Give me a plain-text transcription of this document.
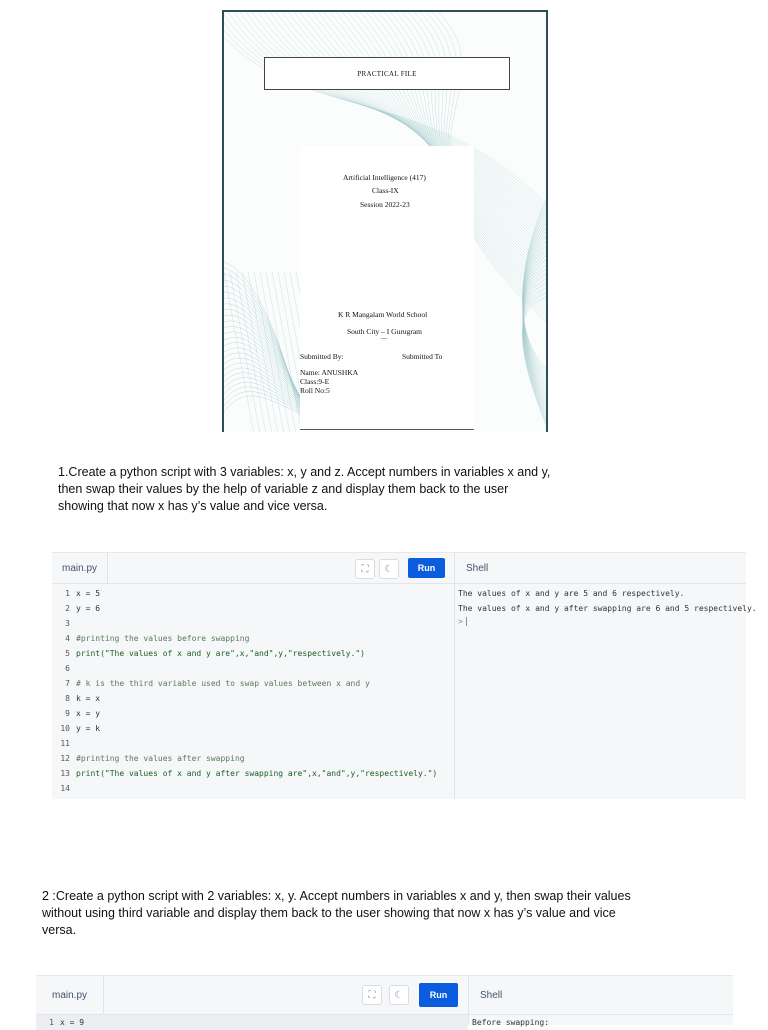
PRACTICAL FILE
Artificial Intelligence (417)
Class-IX
Session 2022-23
K R Mangalam World School
South City – I Gurugram
—
Submitted By:	Submitted To
Name: ANUSHKA
Class:9-E
Roll No:5
1.Create a python script with 3 variables: x, y and z. Accept numbers in variables x and y,
then swap their values by the help of variable z and display them back to the user
showing that now x has y’s value and vice versa.
main.py	⛶	☾	Run	Shell
1 x = 5
2 y = 6
3
4 #printing the values before swapping
5 print("The values of x and y are",x,"and",y,"respectively.")
6
7 # k is the third variable used to swap values between x and y
8 k = x
9 x = y
10 y = k
11
12 #printing the values after swapping
13 print("The values of x and y after swapping are",x,"and",y,"respectively.")
14
The values of x and y are 5 and 6 respectively.
The values of x and y after swapping are 6 and 5 respectively.
>
2 :Create a python script with 2 variables: x, y. Accept numbers in variables x and y, then swap their values
without using third variable and display them back to the user showing that now x has y’s value and vice
versa.
main.py	⛶	☾	Run	Shell
1 x = 9	Before swapping:
